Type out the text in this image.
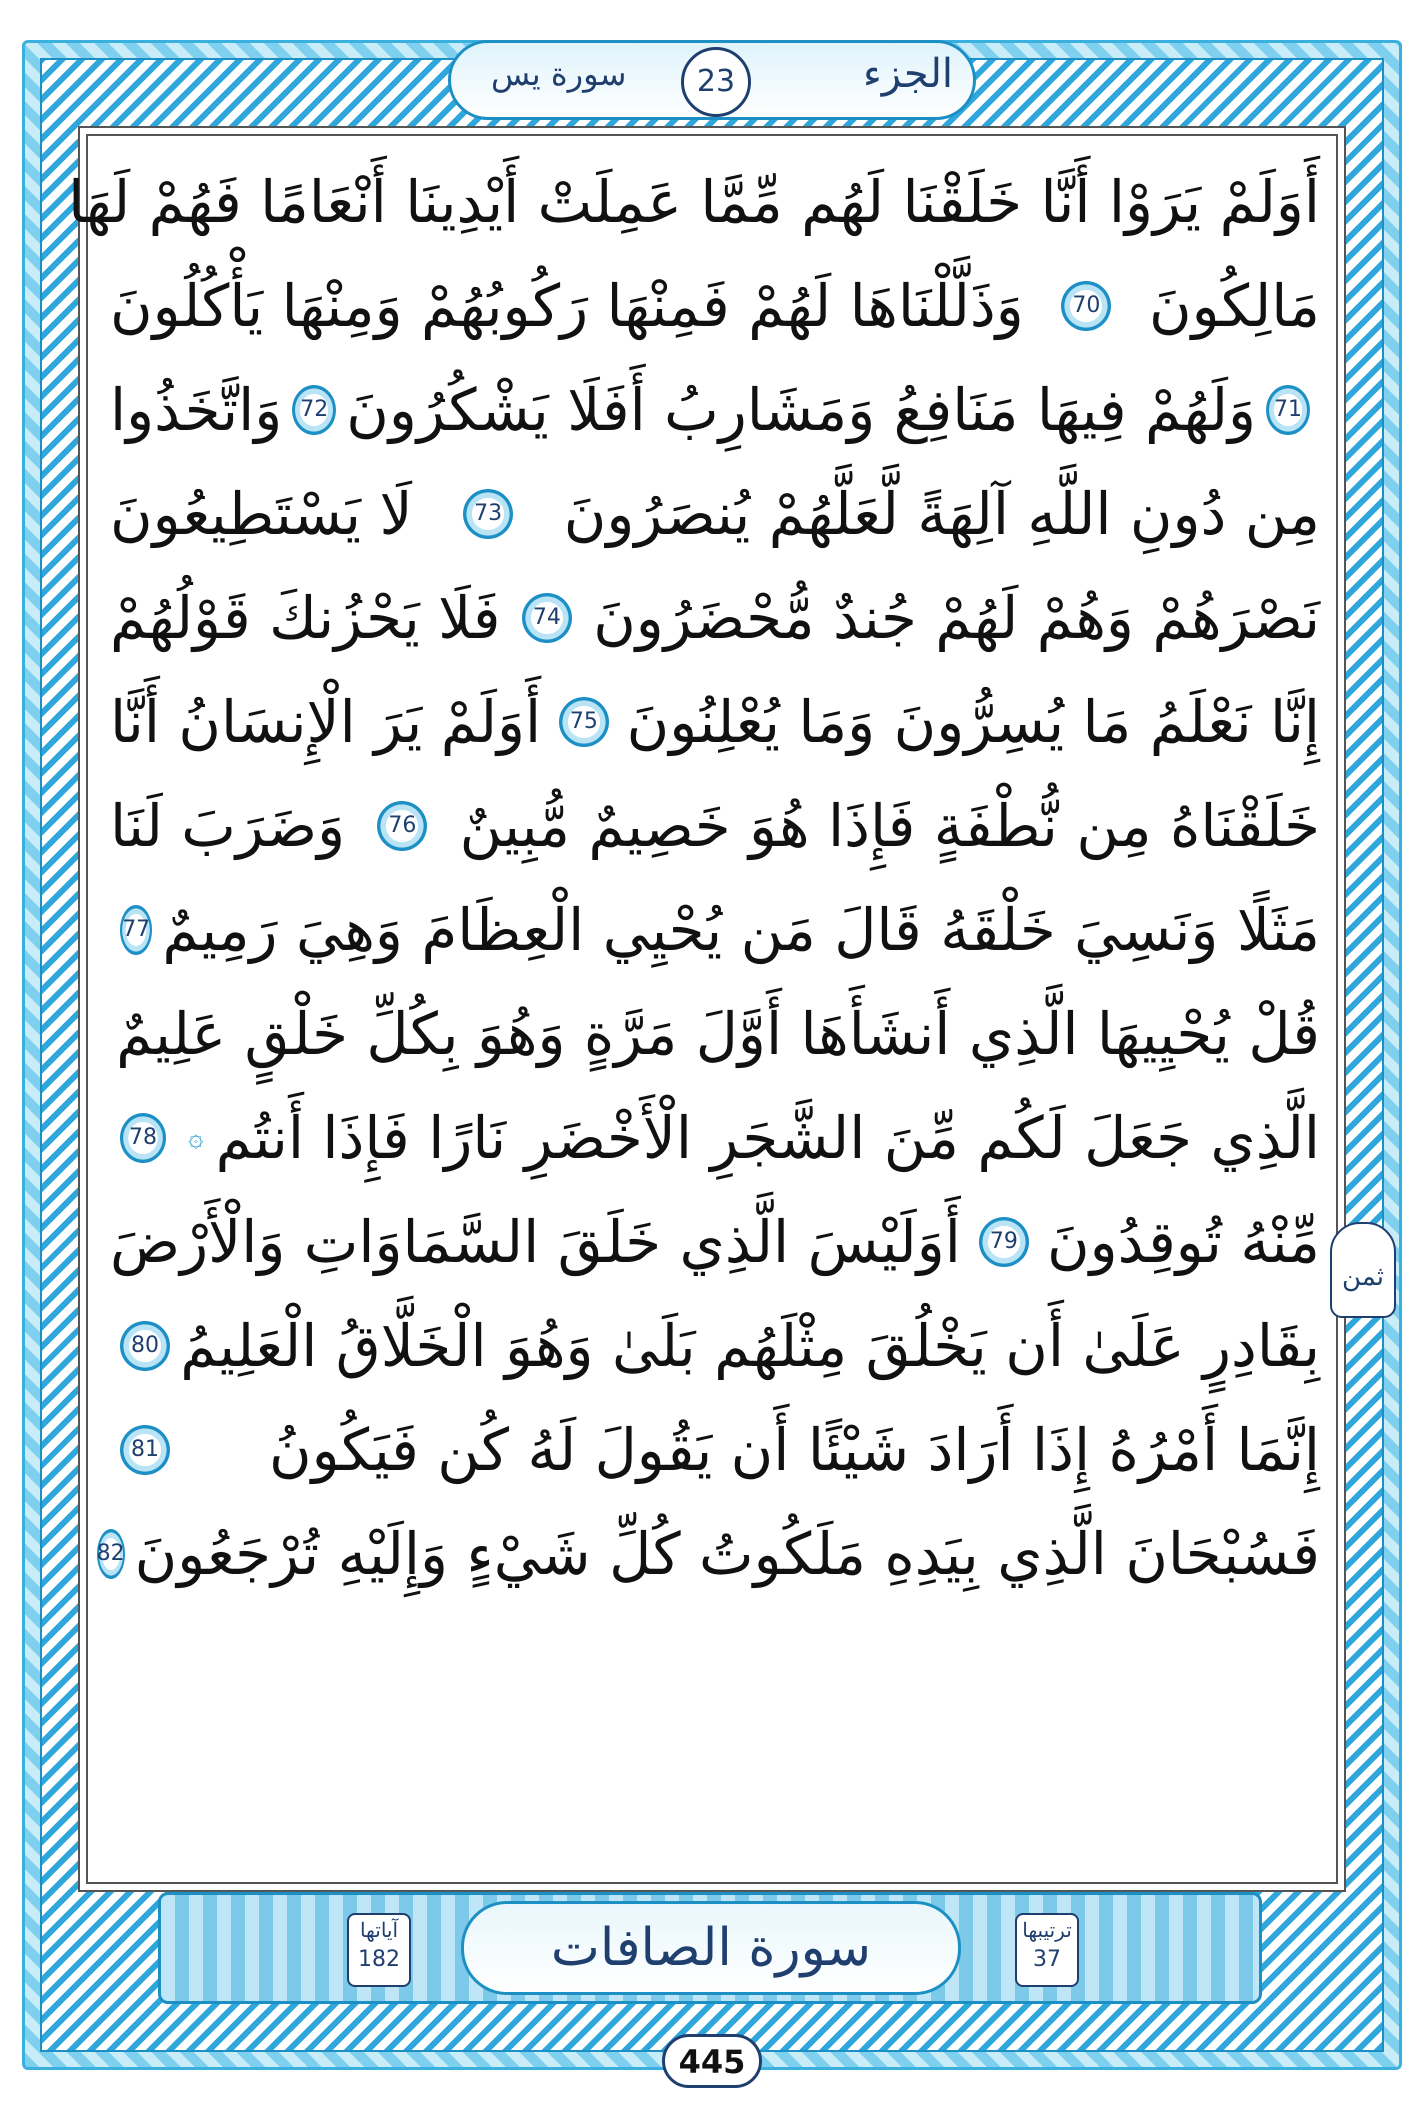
الجزء
23
سورة يس
أَوَلَمْ يَرَوْا أَنَّا خَلَقْنَا لَهُم مِّمَّا عَمِلَتْ أَيْدِينَا أَنْعَامًا فَهُمْ لَهَا
مَالِكُونَ
70
وَذَلَّلْنَاهَا لَهُمْ فَمِنْهَا رَكُوبُهُمْ وَمِنْهَا يَأْكُلُونَ
71
وَلَهُمْ فِيهَا مَنَافِعُ وَمَشَارِبُ أَفَلَا يَشْكُرُونَ
72
وَاتَّخَذُوا
مِن دُونِ اللَّهِ آلِهَةً لَّعَلَّهُمْ يُنصَرُونَ
73
لَا يَسْتَطِيعُونَ
نَصْرَهُمْ وَهُمْ لَهُمْ جُندٌ مُّحْضَرُونَ
74
فَلَا يَحْزُنكَ قَوْلُهُمْ
إِنَّا نَعْلَمُ مَا يُسِرُّونَ وَمَا يُعْلِنُونَ
75
أَوَلَمْ يَرَ الْإِنسَانُ أَنَّا
خَلَقْنَاهُ مِن نُّطْفَةٍ فَإِذَا هُوَ خَصِيمٌ مُّبِينٌ
76
وَضَرَبَ لَنَا
مَثَلًا وَنَسِيَ خَلْقَهُ قَالَ مَن يُحْيِي الْعِظَامَ وَهِيَ رَمِيمٌ
77
قُلْ يُحْيِيهَا الَّذِي أَنشَأَهَا أَوَّلَ مَرَّةٍ وَهُوَ بِكُلِّ خَلْقٍ عَلِيمٌ
الَّذِي جَعَلَ لَكُم مِّنَ الشَّجَرِ الْأَخْضَرِ نَارًا فَإِذَا أَنتُم
۞
78
مِّنْهُ تُوقِدُونَ
79
أَوَلَيْسَ الَّذِي خَلَقَ السَّمَاوَاتِ وَالْأَرْضَ
بِقَادِرٍ عَلَىٰ أَن يَخْلُقَ مِثْلَهُم بَلَىٰ وَهُوَ الْخَلَّاقُ الْعَلِيمُ
80
إِنَّمَا أَمْرُهُ إِذَا أَرَادَ شَيْئًا أَن يَقُولَ لَهُ كُن فَيَكُونُ
81
فَسُبْحَانَ الَّذِي بِيَدِهِ مَلَكُوتُ كُلِّ شَيْءٍ وَإِلَيْهِ تُرْجَعُونَ
82
ثمن
آياتها
182	سورة الصافات	ترتيبها
37
445
